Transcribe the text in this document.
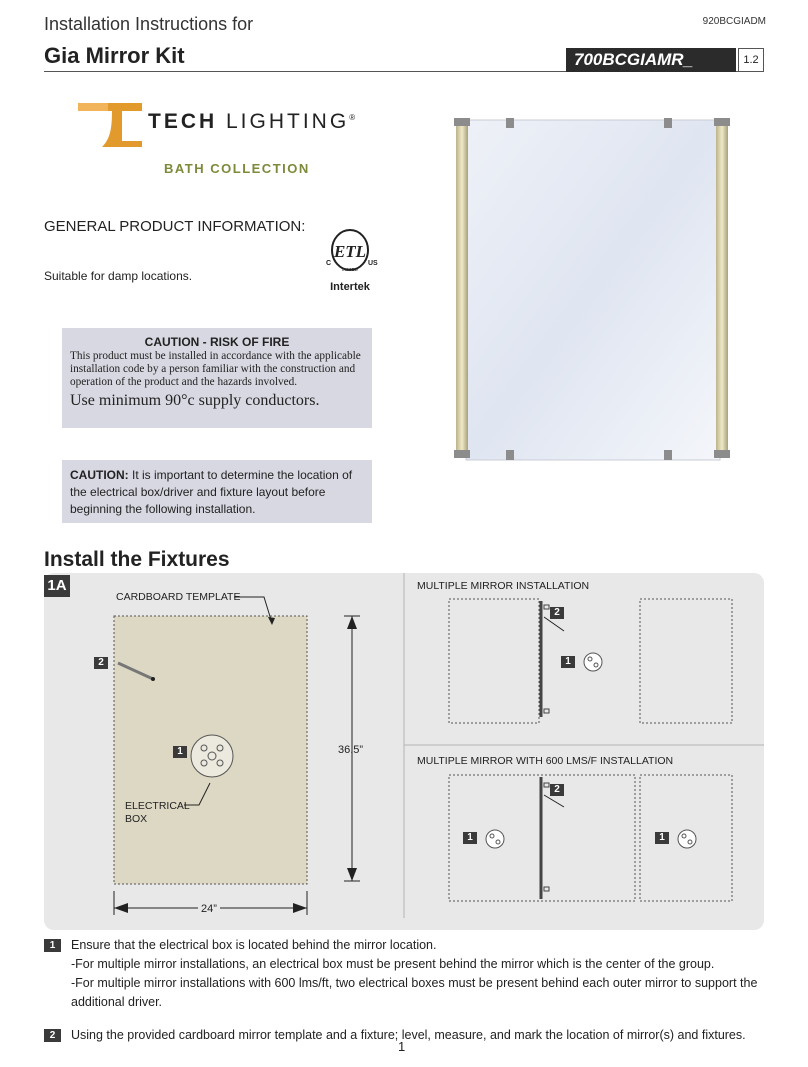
Installation Instructions for	920BCGIADM
Gia Mirror Kit	700BCGIAMR_	1.2
TECH LIGHTING®
BATH COLLECTION
GENERAL PRODUCT INFORMATION:
Suitable for damp locations.
ETL
C	US
LISTED
Intertek
CAUTION - RISK OF FIRE
This product must be installed in accordance with the applicable installation code by a person familiar with the construction and operation of the product and the hazards involved.
Use minimum 90°c supply conductors.
CAUTION: It is important to determine the location of the electrical box/driver and fixture layout before beginning the following installation.
Install the Fixtures
1A
CARDBOARD TEMPLATE
ELECTRICAL
BOX
36.5”
24”
MULTIPLE MIRROR INSTALLATION
MULTIPLE MIRROR WITH 600 LMS/F INSTALLATION
2
1
2
1
2
1	1
1	Ensure that the electrical box is located behind the mirror location.
-For multiple mirror installations, an electrical box must be present behind the mirror which is the center of the group.
-For multiple mirror installations with 600 lms/ft, two electrical boxes must be present behind each outer mirror to support the additional driver.
2	Using the provided cardboard mirror template and a fixture; level, measure, and mark the location of mirror(s) and fixtures.
1
